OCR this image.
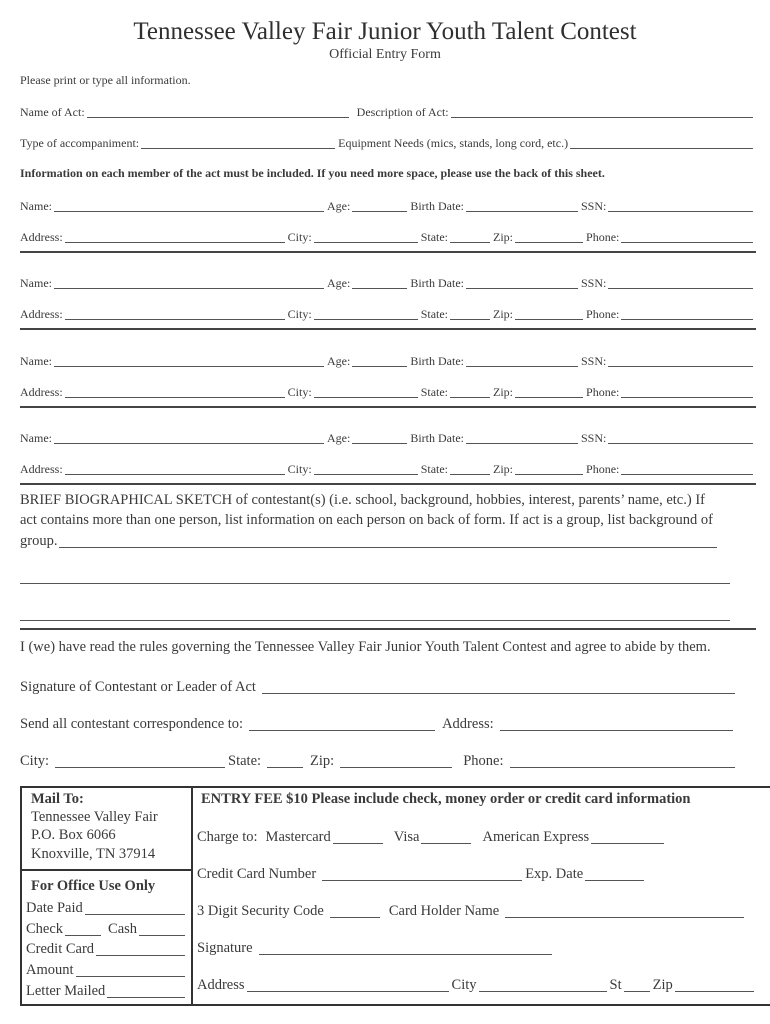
Tennessee Valley Fair Junior Youth Talent Contest
Official Entry Form
Please print or type all information.
Name of Act:	Description of Act:
Type of accompaniment:	Equipment Needs (mics, stands, long cord, etc.)
Information on each member of the act must be included. If you need more space, please use the back of this sheet.
Name:	Age:	Birth Date:	SSN:
Address:	City:	State:	Zip:	Phone:
Name:	Age:	Birth Date:	SSN:
Address:	City:	State:	Zip:	Phone:
Name:	Age:	Birth Date:	SSN:
Address:	City:	State:	Zip:	Phone:
Name:	Age:	Birth Date:	SSN:
Address:	City:	State:	Zip:	Phone:
BRIEF BIOGRAPHICAL SKETCH of contestant(s) (i.e. school, background, hobbies, interest, parents’ name, etc.) If
act contains more than one person, list information on each person on back of form. If act is a group, list background of
group.
I (we) have read the rules governing the Tennessee Valley Fair Junior Youth Talent Contest and agree to abide by them.
Signature of Contestant or Leader of Act
Send all contestant correspondence to:	Address:
City:	State:	Zip:	Phone:
Mail To:
Tennessee Valley Fair
P.O. Box 6066
Knoxville, TN 37914
For Office Use Only
Date Paid
Check	Cash
Credit Card
Amount
Letter Mailed
ENTRY FEE $10 Please include check, money order or credit card information
Charge to: Mastercard	Visa	American Express
Credit Card Number	Exp. Date
3 Digit Security Code	Card Holder Name
Signature
Address	City	St Zip
